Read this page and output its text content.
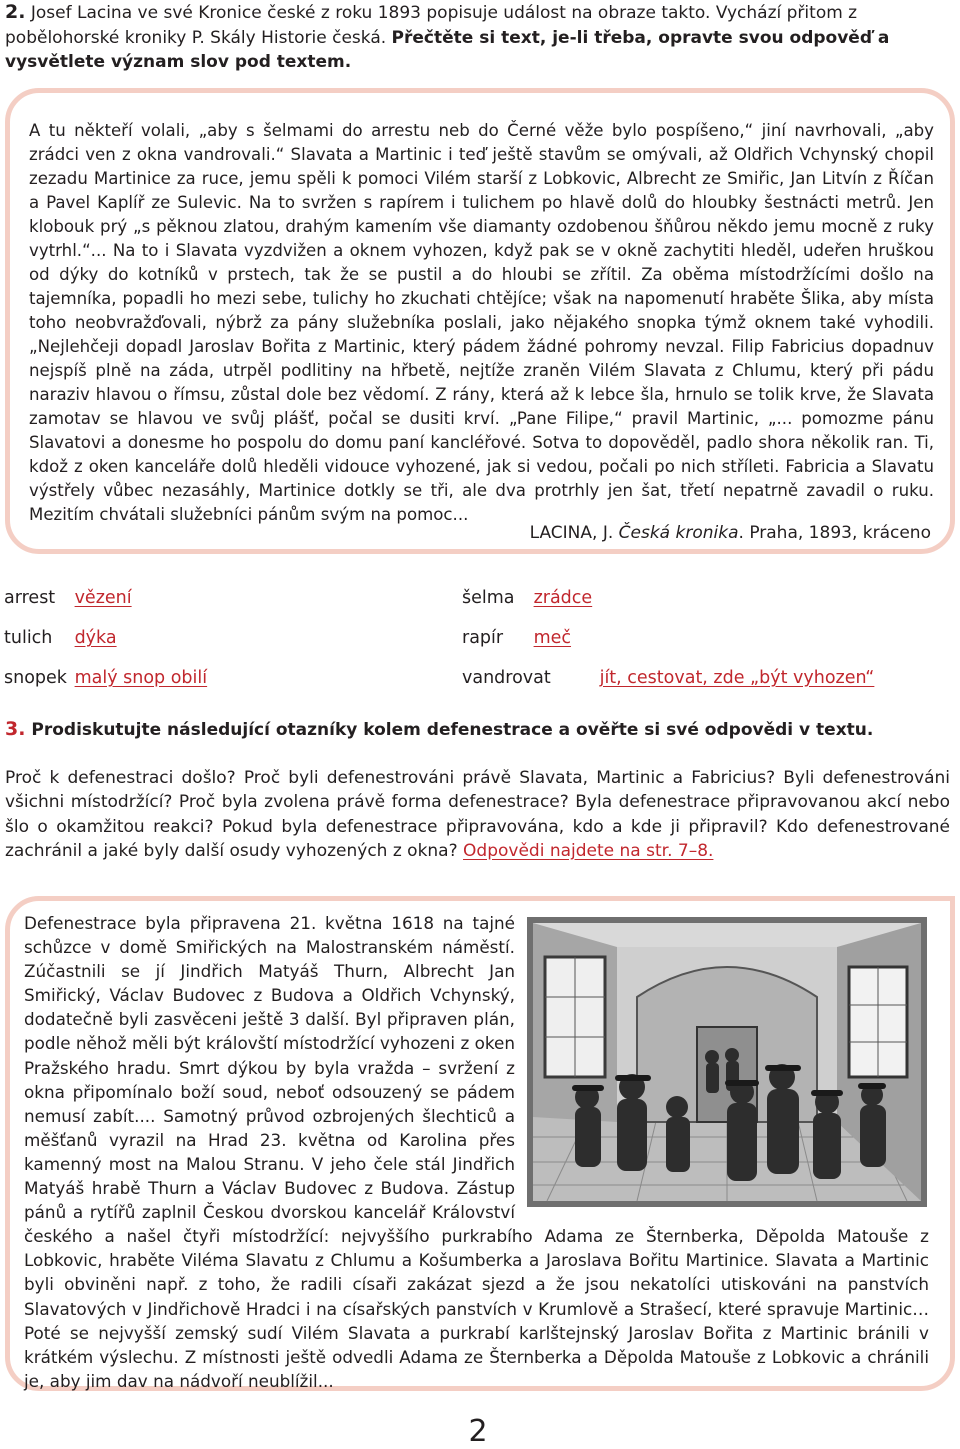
2. Josef Lacina ve své Kronice české z roku 1893 popisuje událost na obraze takto. Vychází přitom z pobělohorské kroniky P. Skály Historie česká. Přečtěte si text, je-li třeba, opravte svou odpověď a vysvětlete význam slov pod textem.
A tu někteří volali, „aby s šelmami do arrestu neb do Černé věže bylo pospíšeno,“ jiní navrhovali, „aby zrádci ven z okna vandrovali.“ Slavata a Martinic i teď ještě stavům se omývali, až Oldřich Vchynský chopil zezadu Martinice za ruce, jemu spěli k pomoci Vilém starší z Lobkovic, Albrecht ze Smiřic, Jan Litvín z Říčan a Pavel Kaplíř ze Sulevic. Na to svržen s rapírem i tulichem po hlavě dolů do hloubky šestnácti metrů. Jen klobouk prý „s pěknou zlatou, drahým kamením vše diamanty ozdobenou šňůrou někdo jemu mocně z ruky vytrhl.“... Na to i Slavata vyzdvižen a oknem vyhozen, když pak se v okně zachytiti hleděl, udeřen hruškou od dýky do kotníků v prstech, tak že se pustil a do hloubi se zřítil. Za oběma místodržícími došlo na tajemníka, popadli ho mezi sebe, tulichy ho zkuchati chtějíce; však na napomenutí hraběte Šlika, aby místa toho neobvražďovali, nýbrž za pány služebníka poslali, jako nějakého snopka týmž oknem také vyhodili. „Nejlehčeji dopadl Jaroslav Bořita z Martinic, který pádem žádné pohromy nevzal. Filip Fabricius dopadnuv nejspíš plně na záda, utrpěl podlitiny na hřbetě, nejtíže zraněn Vilém Slavata z Chlumu, který při pádu naraziv hlavou o římsu, zůstal dole bez vědomí. Z rány, která až k lebce šla, hrnulo se tolik krve, že Slavata zamotav se hlavou ve svůj plášť, počal se dusiti krví. „Pane Filipe,“ pravil Martinic, „... pomozme pánu Slavatovi a donesme ho pospolu do domu paní kancléřové. Sotva to dopověděl, padlo shora několik ran. Ti, kdož z oken kanceláře dolů hleděli vidouce vyhozené, jak si vedou, počali po nich stříleti. Fabricia a Slavatu výstřely vůbec nezasáhly, Martinice dotkly se tři, ale dva protrhly jen šat, třetí nepatrně zavadil o ruku. Mezitím chvátali služebníci pánům svým na pomoc...
LACINA, J. Česká kronika. Praha, 1893, kráceno
arrest vězení	šelma zrádce
tulich dýka	rapír meč
snopek malý snop obilí	vandrovat	jít, cestovat, zde „být vyhozen“
3. Prodiskutujte následující otazníky kolem defenestrace a ověřte si své odpovědi v textu.
Proč k defenestraci došlo? Proč byli defenestrováni právě Slavata, Martinic a Fabricius? Byli defenestrováni všichni místodržící? Proč byla zvolena právě forma defenestrace? Byla defenestrace připravovanou akcí nebo šlo o okamžitou reakci? Pokud byla defenestrace připravována, kdo a kde ji připravil? Kdo defenestrované zachránil a jaké byly další osudy vyhozených z okna? Odpovědi najdete na str. 7–8.
Defenestrace byla připravena 21. května 1618 na tajné schůzce v domě Smiřických na Malostranském náměstí. Zúčastnili se jí Jindřich Matyáš Thurn, Albrecht Jan Smiřický, Václav Budovec z Budova a Oldřich Vchynský, dodatečně byli zasvěceni ještě 3 další. Byl připraven plán, podle něhož měli být královští místodržící vyhozeni z oken Pražského hradu. Smrt dýkou by byla vražda – svržení z okna připomínalo boží soud, neboť odsouzený se pádem nemusí zabít.... Samotný průvod ozbrojených šlechticů a měšťanů vyrazil na Hrad 23. května od Karolina přes kamenný most na Malou Stranu. V jeho čele stál Jindřich Matyáš hrabě Thurn a Václav Budovec z Budova. Zástup pánů a rytířů zaplnil Českou dvorskou kancelář Království českého a našel čtyři místodržící: nejvyššího purkrabího Adama ze Šternberka, Děpolda Matouše z Lobkovic, hraběte Viléma Slavatu z Chlumu a Košumberka a Jaroslava Bořitu Martinice. Slavata a Martinic byli obviněni např. z toho, že radili císaři zakázat sjezd a že jsou nekatolíci utiskováni na panstvích Slavatových v Jindřichově Hradci i na císařských panstvích v Krumlově a Strašecí, které spravuje Martinic… Poté se nejvyšší zemský sudí Vilém Slavata a purkrabí karlštejnský Jaroslav Bořita z Martinic bránili v krátkém výslechu. Z místnosti ještě odvedli Adama ze Šternberka a Děpolda Matouše z Lobkovic a chránili je, aby jim dav na nádvoří neublížil...
2
